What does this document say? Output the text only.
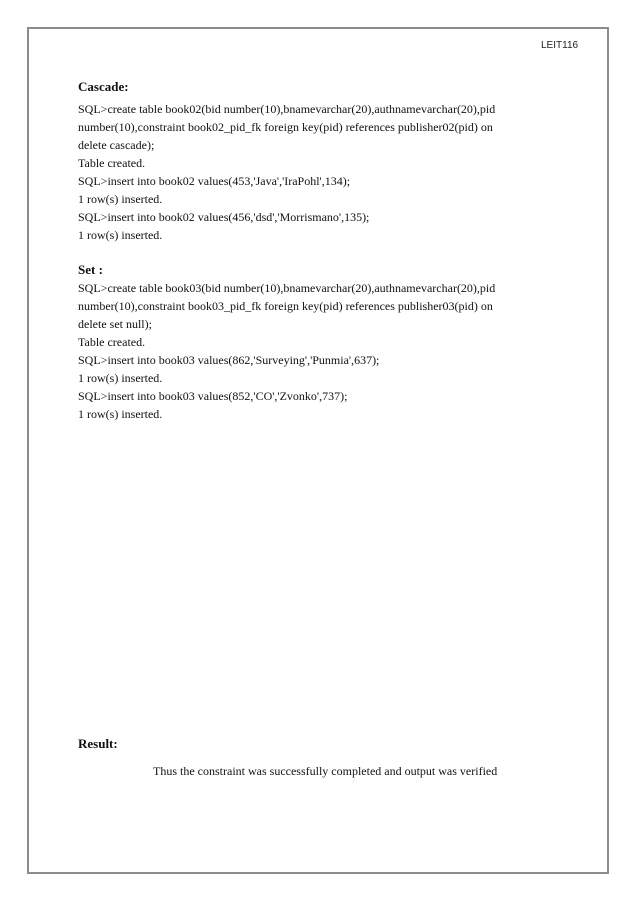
LEIT116
Cascade:
SQL>create table book02(bid number(10),bnamevarchar(20),authnamevarchar(20),pid
number(10),constraint book02_pid_fk foreign key(pid) references publisher02(pid) on
delete cascade);
Table created.
SQL>insert into book02 values(453,'Java','IraPohl',134);
1 row(s) inserted.
SQL>insert into book02 values(456,'dsd','Morrismano',135);
1 row(s) inserted.
Set :
SQL>create table book03(bid number(10),bnamevarchar(20),authnamevarchar(20),pid
number(10),constraint book03_pid_fk foreign key(pid) references publisher03(pid) on
delete set null);
Table created.
SQL>insert into book03 values(862,'Surveying','Punmia',637);
1 row(s) inserted.
SQL>insert into book03 values(852,'CO','Zvonko',737);
1 row(s) inserted.
Result:
Thus the constraint was successfully completed and output was verified
